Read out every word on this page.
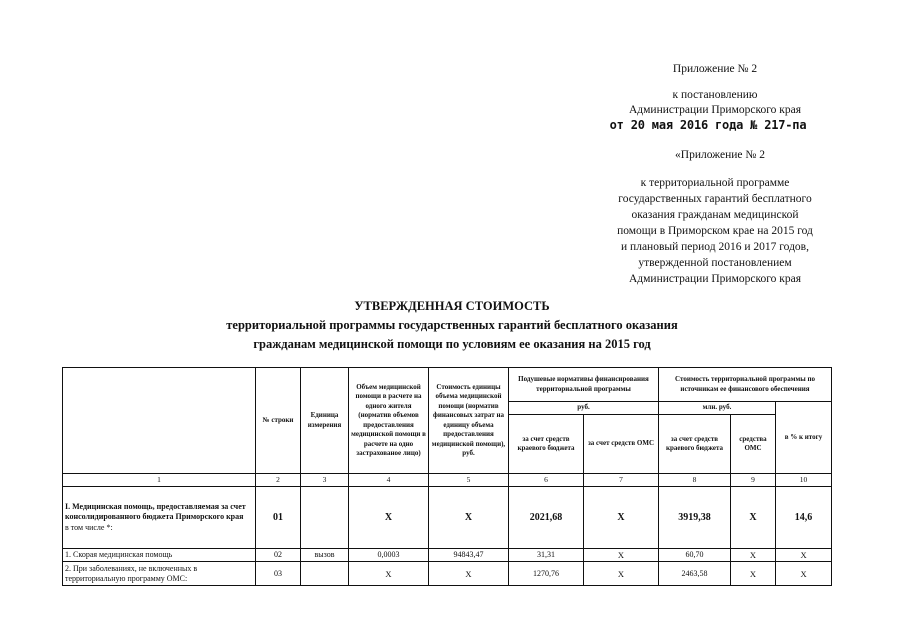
Приложение № 2
к постановлению
Администрации Приморского края
от 20 мая 2016 года № 217-па
«Приложение № 2
к территориальной программе
государственных гарантий бесплатного
оказания гражданам медицинской
помощи в Приморском крае на 2015 год
и плановый период 2016 и 2017 годов,
утвержденной постановлением
Администрации Приморского края
УТВЕРЖДЕННАЯ СТОИМОСТЬ
территориальной программы государственных гарантий бесплатного оказания
гражданам медицинской помощи по условиям ее оказания на 2015 год
	№ строки	Единица измерения	Объем медицинской помощи в расчете на одного жителя (норматив объемов предоставления медицинской помощи в расчете на одно застрахованое лицо)	Стоимость единицы объема медицинской помощи (норматив финансовых затрат на единицу объема предоставления медицинской помощи), руб.	Подушевые нормативы финансирования территориальной программы		Стоимость территориальной программы по источникам ее финансового обеспечения		
					руб.		млн. руб.		в % к итогу
					за счет средств краевого бюджета	за счет средств ОМС	за счет средств краевого бюджета	средства ОМС	
1	2	3	4	5	6	7	8	9	10
I. Медицинская помощь, предоставляемая за счет консолидированного бюджета Приморского края
в том числе *:	01		X	X	2021,68	X	3919,38	X	14,6
1. Скорая медицинская помощь	02	вызов	0,0003	94843,47	31,31	X	60,70	X	X
2. При заболеваниях, не включенных в территориальную программу ОМС:	03		X	X	1270,76	X	2463,58	X	X
